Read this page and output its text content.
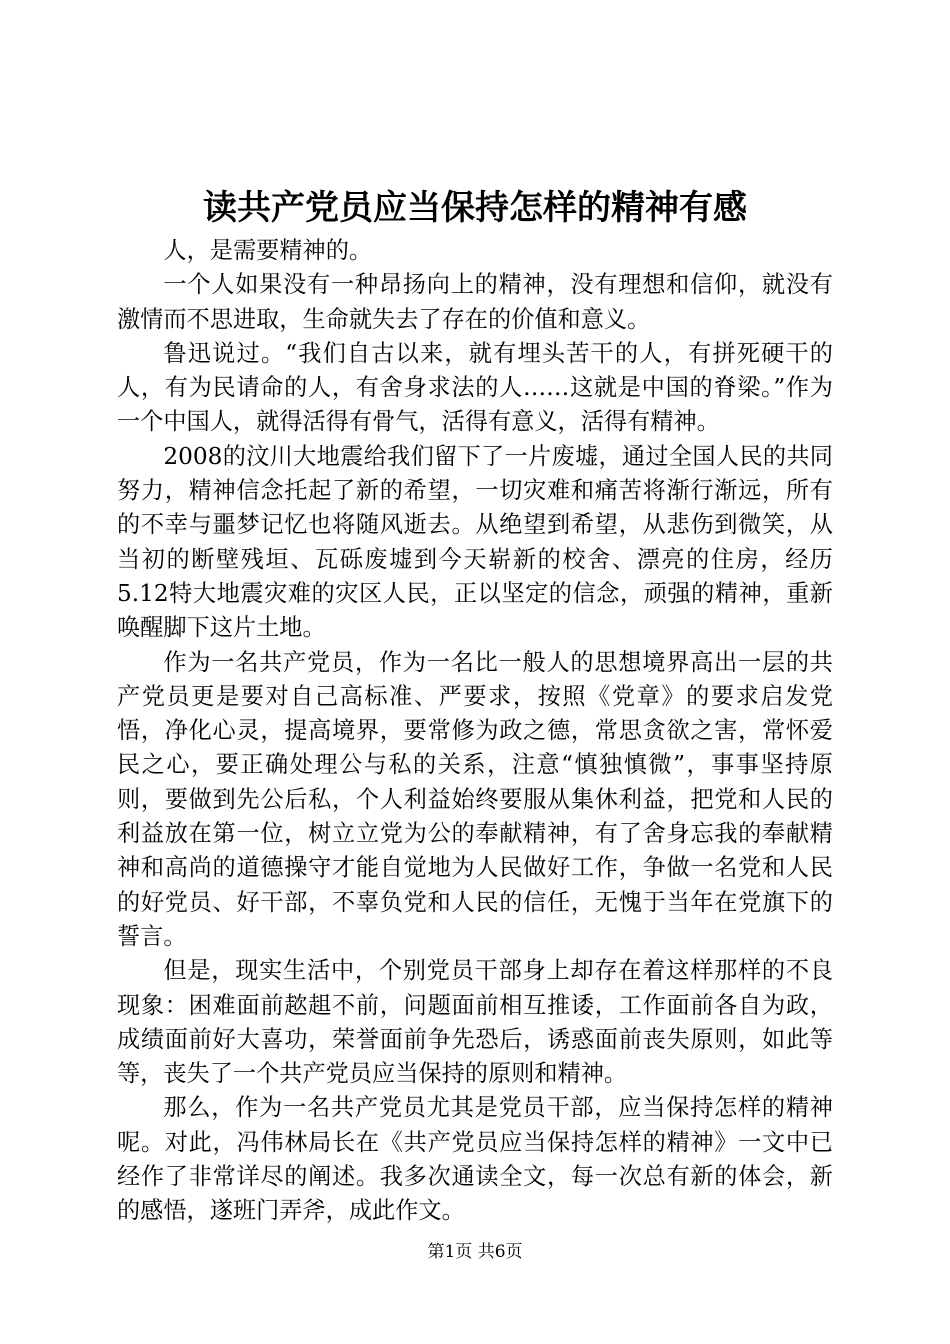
读共产党员应当保持怎样的精神有感

人，是需要精神的。

一个人如果没有一种昂扬向上的精神，没有理想和信仰，就没有激情而不思进取，生命就失去了存在的价值和意义。

鲁迅说过。“我们自古以来，就有埋头苦干的人，有拼死硬干的人，有为民请命的人，有舍身求法的人……这就是中国的脊梁。”作为一个中国人，就得活得有骨气，活得有意义，活得有精神。

2008的汶川大地震给我们留下了一片废墟，通过全国人民的共同努力，精神信念托起了新的希望，一切灾难和痛苦将渐行渐远，所有的不幸与噩梦记忆也将随风逝去。从绝望到希望，从悲伤到微笑，从当初的断壁残垣、瓦砾废墟到今天崭新的校舍、漂亮的住房，经历5.12特大地震灾难的灾区人民，正以坚定的信念，顽强的精神，重新唤醒脚下这片土地。

作为一名共产党员，作为一名比一般人的思想境界高出一层的共产党员更是要对自己高标准、严要求，按照《党章》的要求启发党悟，净化心灵，提高境界，要常修为政之德，常思贪欲之害，常怀爱民之心，要正确处理公与私的关系，注意“慎独慎微”，事事坚持原则，要做到先公后私，个人利益始终要服从集休利益，把党和人民的利益放在第一位，树立立党为公的奉献精神，有了舍身忘我的奉献精神和高尚的道德操守才能自觉地为人民做好工作，争做一名党和人民的好党员、好干部，不辜负党和人民的信任，无愧于当年在党旗下的誓言。

但是，现实生活中，个别党员干部身上却存在着这样那样的不良现象：困难面前趑趄不前，问题面前相互推诿，工作面前各自为政，成绩面前好大喜功，荣誉面前争先恐后，诱惑面前丧失原则，如此等等，丧失了一个共产党员应当保持的原则和精神。

那么，作为一名共产党员尤其是党员干部，应当保持怎样的精神呢。对此，冯伟林局长在《共产党员应当保持怎样的精神》一文中已经作了非常详尽的阐述。我多次通读全文，每一次总有新的体会，新的感悟，遂班门弄斧，成此作文。

第1页 共6页
